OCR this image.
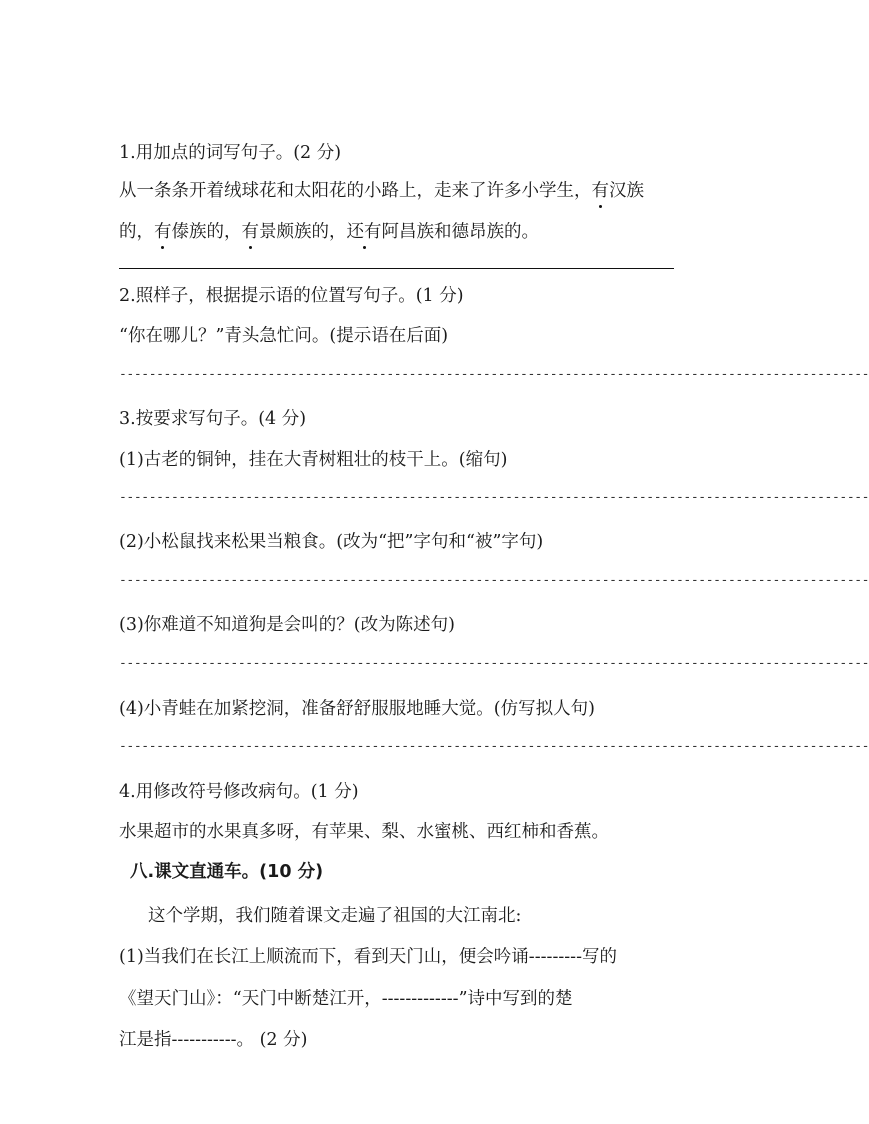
1.用加点的词写句子。(2 分)
从一条条开着绒球花和太阳花的小路上，走来了许多小学生，有汉族
的，有傣族的，有景颇族的，还有阿昌族和德昂族的。
2.照样子，根据提示语的位置写句子。(1 分)
“你在哪儿？”青头急忙问。(提示语在后面)
-----------------------------------------------------------------------------------------------------
3.按要求写句子。(4 分)
(1)古老的铜钟，挂在大青树粗壮的枝干上。(缩句)
-----------------------------------------------------------------------------------------------------
(2)小松鼠找来松果当粮食。(改为“把”字句和“被”字句)
-----------------------------------------------------------------------------------------------------
(3)你难道不知道狗是会叫的？(改为陈述句)
-----------------------------------------------------------------------------------------------------
(4)小青蛙在加紧挖洞，准备舒舒服服地睡大觉。(仿写拟人句)
-----------------------------------------------------------------------------------------------------
4.用修改符号修改病句。(1 分)
水果超市的水果真多呀，有苹果、梨、水蜜桃、西红柿和香蕉。
八.课文直通车。(10 分)
这个学期，我们随着课文走遍了祖国的大江南北:
(1)当我们在长江上顺流而下，看到天门山，便会吟诵---------写的
《望天门山》：“天门中断楚江开，-------------”诗中写到的楚
江是指-----------。 (2 分)
